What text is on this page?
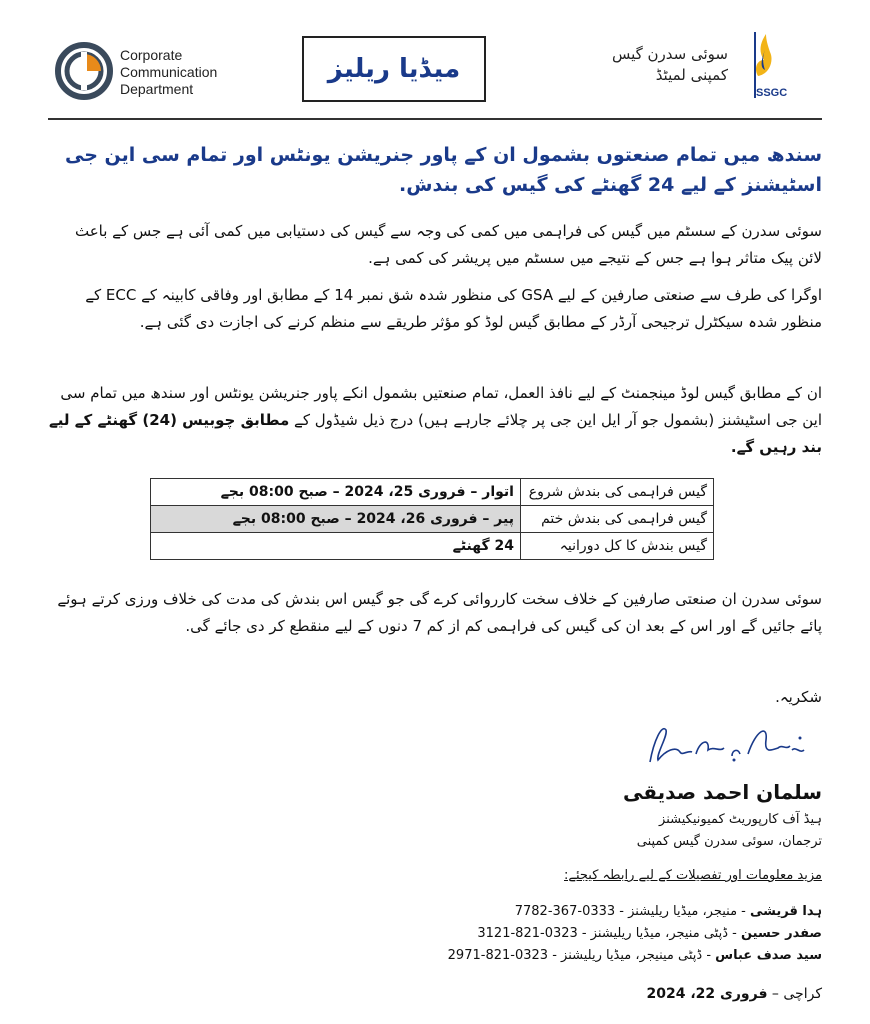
Corporate
Communication
Department
میڈیا ریلیز	سوئی سدرن گیس
کمپنی لمیٹڈ
SSGC
سندھ میں تمام صنعتوں بشمول ان کے پاور جنریشن یونٹس اور تمام سی این جی اسٹیشنز کے لیے 24 گھنٹے کی گیس کی بندش.
سوئی سدرن کے سسٹم میں گیس کی فراہمی میں کمی کی وجہ سے گیس کی دستیابی میں کمی آئی ہے جس کے باعث لائن پیک متاثر ہوا ہے جس کے نتیجے میں سسٹم میں پریشر کی کمی ہے.
اوگرا کی طرف سے صنعتی صارفین کے لیے GSA کی منظور شدہ شق نمبر 14 کے مطابق اور وفاقی کابینہ کے ECC کے منظور شدہ سیکٹرل ترجیحی آرڈر کے مطابق گیس لوڈ کو مؤثر طریقے سے منظم کرنے کی اجازت دی گئی ہے.
ان کے مطابق گیس لوڈ مینجمنٹ کے لیے نافذ العمل، تمام صنعتیں بشمول انکے پاور جنریشن یونٹس اور سندھ میں تمام سی این جی اسٹیشنز (بشمول جو آر ایل این جی پر چلائے جارہے ہیں) درج ذیل شیڈول کے مطابق چوبیس (24) گھنٹے کے لیے بند رہیں گے.
گیس فراہمی کی بندش شروع	اتوار – فروری 25، 2024 – صبح 08:00 بجے
گیس فراہمی کی بندش ختم	پیر – فروری 26، 2024 – صبح 08:00 بجے
گیس بندش کا کل دورانیہ	24 گھنٹے
سوئی سدرن ان صنعتی صارفین کے خلاف سخت کارروائی کرے گی جو گیس اس بندش کی مدت کی خلاف ورزی کرتے ہوئے پائے جائیں گے اور اس کے بعد ان کی گیس کی فراہمی کم از کم 7 دنوں کے لیے منقطع کر دی جائے گی.
شکریہ.
سلمان احمد صدیقی
ہیڈ آف کارپوریٹ کمیونیکیشنز
ترجمان، سوئی سدرن گیس کمپنی
مزید معلومات اور تفصیلات کے لیے رابطہ کیجئے:
ہدا قریشی - منیجر، میڈیا ریلیشنز - 0333-367-7782
صفدر حسین - ڈپٹی منیجر، میڈیا ریلیشنز - 0323-821-3121
سید صدف عباس - ڈپٹی مینیجر، میڈیا ریلیشنز - 0323-821-2971
کراچی – فروری 22، 2024
